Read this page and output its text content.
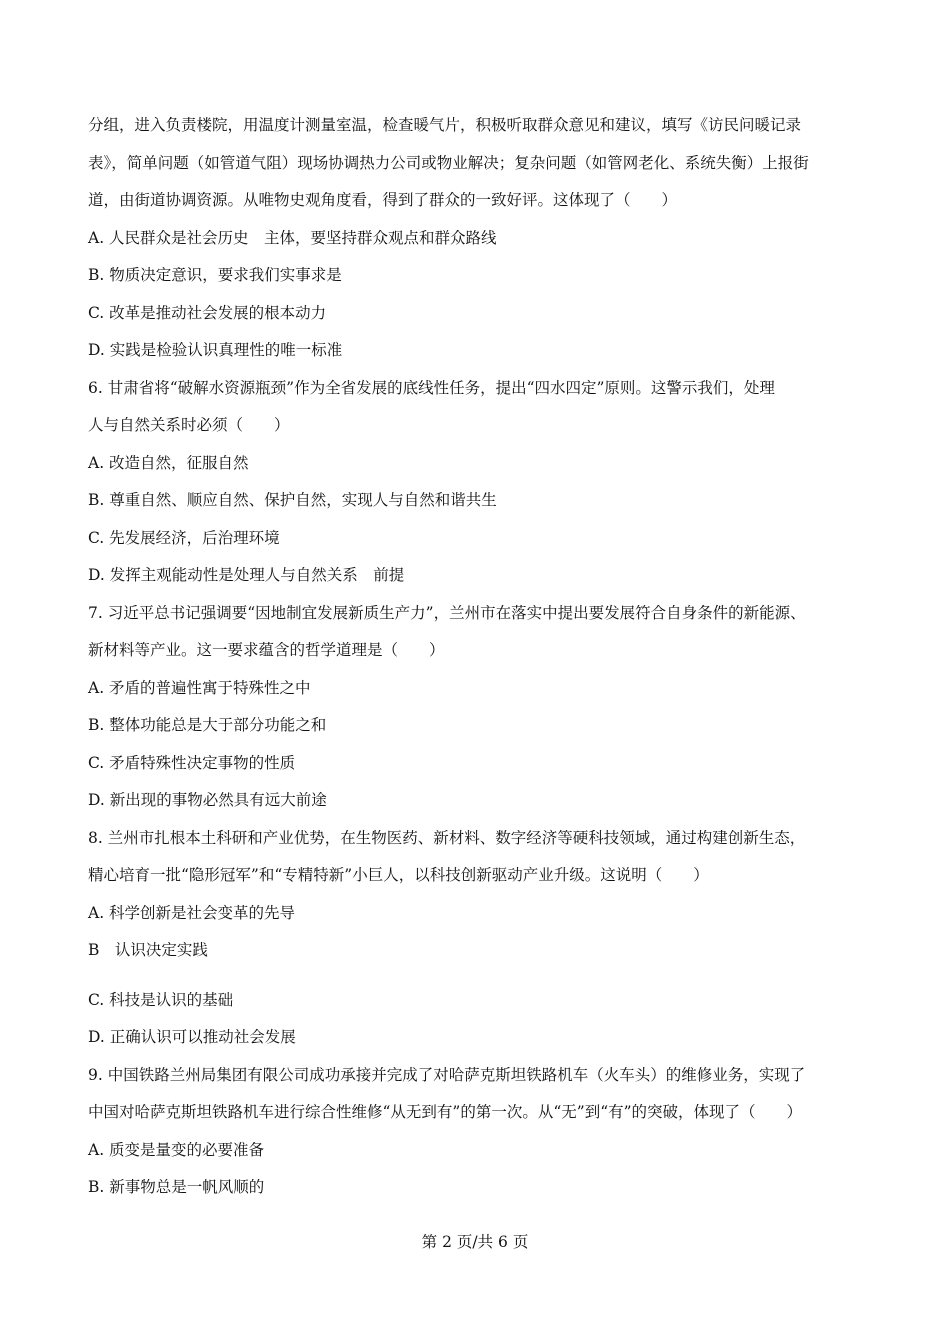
分组，进入负责楼院，用温度计测量室温，检查暖气片，积极听取群众意见和建议，填写《访民问暖记录
表》，简单问题（如管道气阻）现场协调热力公司或物业解决；复杂问题（如管网老化、系统失衡）上报街
道，由街道协调资源。从唯物史观角度看，得到了群众的一致好评。这体现了（　　）
A. 人民群众是社会历史　主体，要坚持群众观点和群众路线
B. 物质决定意识，要求我们实事求是
C. 改革是推动社会发展的根本动力
D. 实践是检验认识真理性的唯一标准
6. 甘肃省将“破解水资源瓶颈”作为全省发展的底线性任务，提出“四水四定”原则。这警示我们，处理
人与自然关系时必须（　　）
A. 改造自然，征服自然
B. 尊重自然、顺应自然、保护自然，实现人与自然和谐共生
C. 先发展经济，后治理环境
D. 发挥主观能动性是处理人与自然关系　前提
7. 习近平总书记强调要“因地制宜发展新质生产力”，兰州市在落实中提出要发展符合自身条件的新能源、
新材料等产业。这一要求蕴含的哲学道理是（　　）
A. 矛盾的普遍性寓于特殊性之中
B. 整体功能总是大于部分功能之和
C. 矛盾特殊性决定事物的性质
D. 新出现的事物必然具有远大前途
8. 兰州市扎根本土科研和产业优势，在生物医药、新材料、数字经济等硬科技领域，通过构建创新生态，
精心培育一批“隐形冠军”和“专精特新”小巨人，以科技创新驱动产业升级。这说明（　　）
A. 科学创新是社会变革的先导
B　认识决定实践
C. 科技是认识的基础
D. 正确认识可以推动社会发展
9. 中国铁路兰州局集团有限公司成功承接并完成了对哈萨克斯坦铁路机车（火车头）的维修业务，实现了
中国对哈萨克斯坦铁路机车进行综合性维修“从无到有”的第一次。从“无”到“有”的突破，体现了（　　）
A. 质变是量变的必要准备
B. 新事物总是一帆风顺的
第 2 页/共 6 页
